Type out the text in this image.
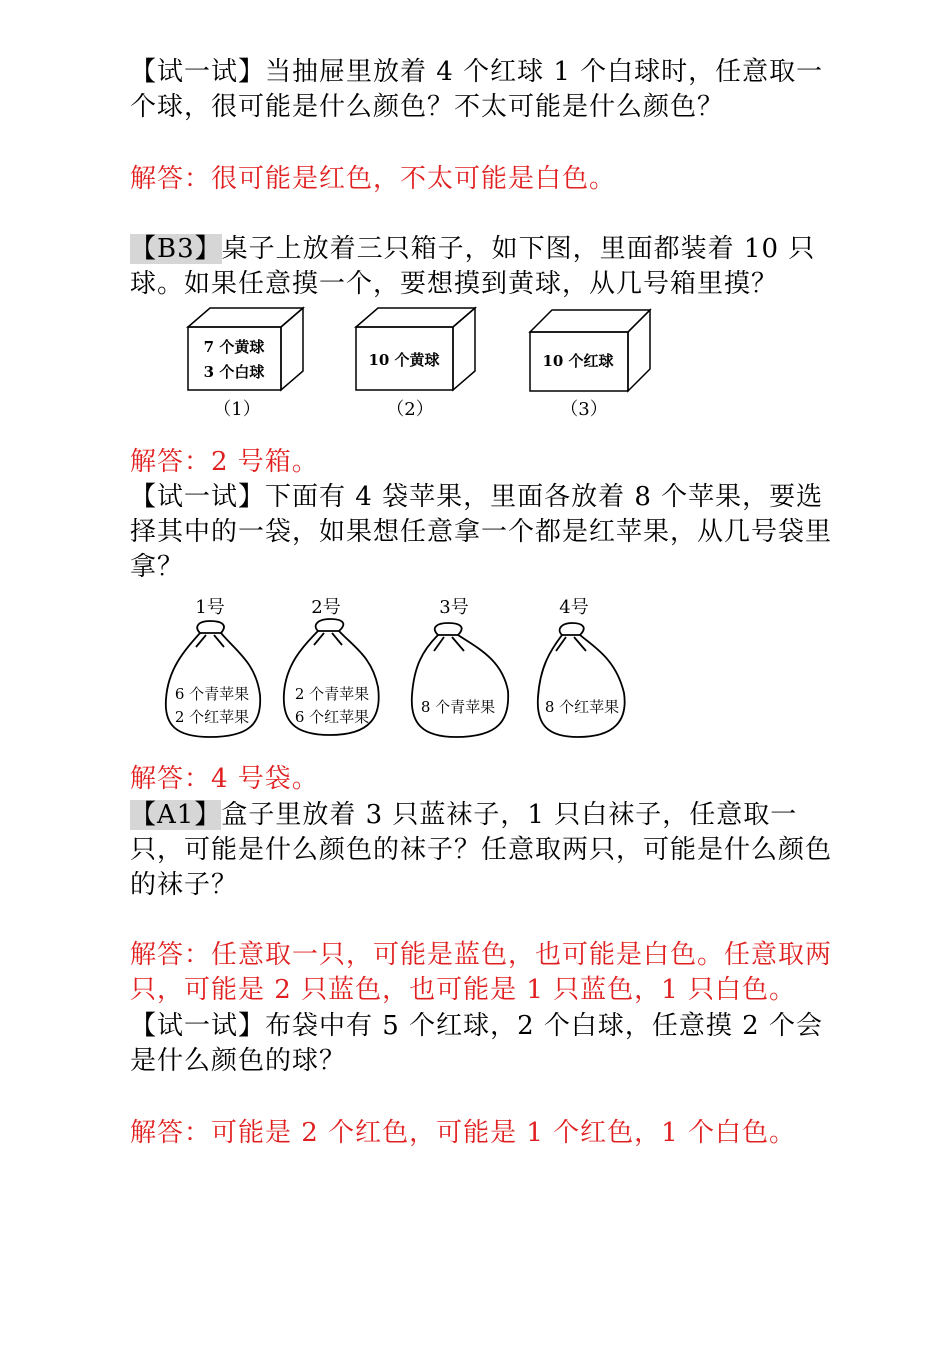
【试一试】当抽屉里放着 4 个红球 1 个白球时，任意取一个球，很可能是什么颜色？不太可能是什么颜色？

解答：很可能是红色，不太可能是白色。

【B3】桌子上放着三只箱子，如下图，里面都装着 10 只球。如果任意摸一个，要想摸到黄球，从几号箱里摸？

7 个黄球
3 个白球
（1）
10 个黄球
（2）
10 个红球
（3）

解答：2 号箱。

【试一试】下面有 4 袋苹果，里面各放着 8 个苹果，要选择其中的一袋，如果想任意拿一个都是红苹果，从几号袋里拿？

1号	2号	3号	4号
6 个青苹果
2 个红苹果
2 个青苹果
6 个红苹果
8 个青苹果	8 个红苹果

解答：4 号袋。

【A1】盒子里放着 3 只蓝袜子，1 只白袜子，任意取一只，可能是什么颜色的袜子？任意取两只，可能是什么颜色的袜子？

解答：任意取一只，可能是蓝色，也可能是白色。任意取两只，可能是 2 只蓝色，也可能是 1 只蓝色，1 只白色。

【试一试】布袋中有 5 个红球，2 个白球，任意摸 2 个会是什么颜色的球？

解答：可能是 2 个红色，可能是 1 个红色，1 个白色。
